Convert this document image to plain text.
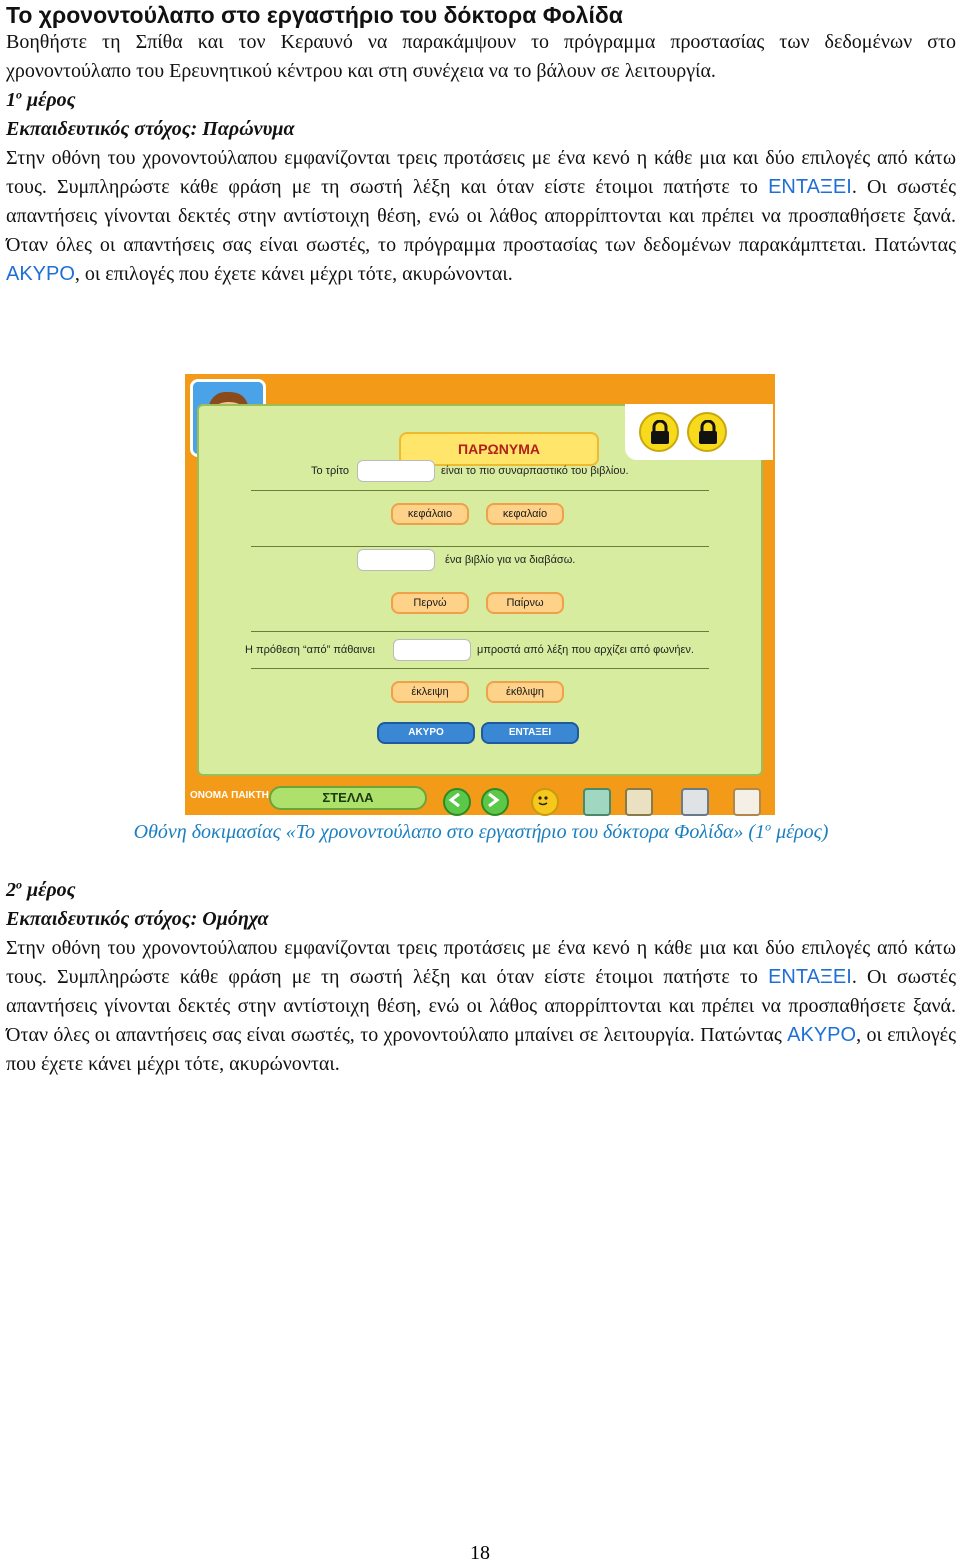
Το χρονοντούλαπο στο εργαστήριο του δόκτορα Φολίδα

Βοηθήστε τη Σπίθα και τον Κεραυνό να παρακάμψουν το πρόγραμμα προστασίας των δεδομένων στο χρονοντούλαπο του Ερευνητικού κέντρου και στη συνέχεια να το βάλουν σε λειτουργία.

$1^o$ μέρος

Εκπαιδευτικός στόχος: Παρώνυμα

Στην οθόνη του χρονοντούλαπου εμφανίζονται τρεις προτάσεις με ένα κενό η κάθε μια και δύο επιλογές από κάτω τους. Συμπληρώστε κάθε φράση με τη σωστή λέξη και όταν είστε έτοιμοι πατήστε το ΕΝΤΑΞΕΙ. Οι σωστές απαντήσεις γίνονται δεκτές στην αντίστοιχη θέση, ενώ οι λάθος απορρίπτονται και πρέπει να προσπαθήσετε ξανά. Όταν όλες οι απαντήσεις σας είναι σωστές, το πρόγραμμα προστασίας των δεδομένων παρακάμπτεται. Πατώντας ΑΚΥΡΟ, οι επιλογές που έχετε κάνει μέχρι τότε, ακυρώνονται.

ΠΑΡΩΝΥΜΑ
Το τρίτο	είναι το πιο συναρπαστικό του βιβλίου.
κεφάλαιο	κεφαλαίο
ένα βιβλίο για να διαβάσω.
Περνώ	Παίρνω
Η πρόθεση “από” πάθαινει	μπροστά από λέξη που αρχίζει από φωνήεν.
έκλειψη	έκθλιψη
ΑΚΥΡΟ	ΕΝΤΑΞΕΙ
ΟΝΟΜΑ ΠΑΙΚΤΗ	ΣΤΕΛΛΑ

Οθόνη δοκιμασίας «Το χρονοντούλαπο στο εργαστήριο του δόκτορα Φολίδα» ($1^o$ μέρος)

$2^o$ μέρος

Εκπαιδευτικός στόχος: Ομόηχα

Στην οθόνη του χρονοντούλαπου εμφανίζονται τρεις προτάσεις με ένα κενό η κάθε μια και δύο επιλογές από κάτω τους. Συμπληρώστε κάθε φράση με τη σωστή λέξη και όταν είστε έτοιμοι πατήστε το ΕΝΤΑΞΕΙ. Οι σωστές απαντήσεις γίνονται δεκτές στην αντίστοιχη θέση, ενώ οι λάθος απορρίπτονται και πρέπει να προσπαθήσετε ξανά. Όταν όλες οι απαντήσεις σας είναι σωστές, το χρονοντούλαπο μπαίνει σε λειτουργία. Πατώντας ΑΚΥΡΟ, οι επιλογές που έχετε κάνει μέχρι τότε, ακυρώνονται.

18
